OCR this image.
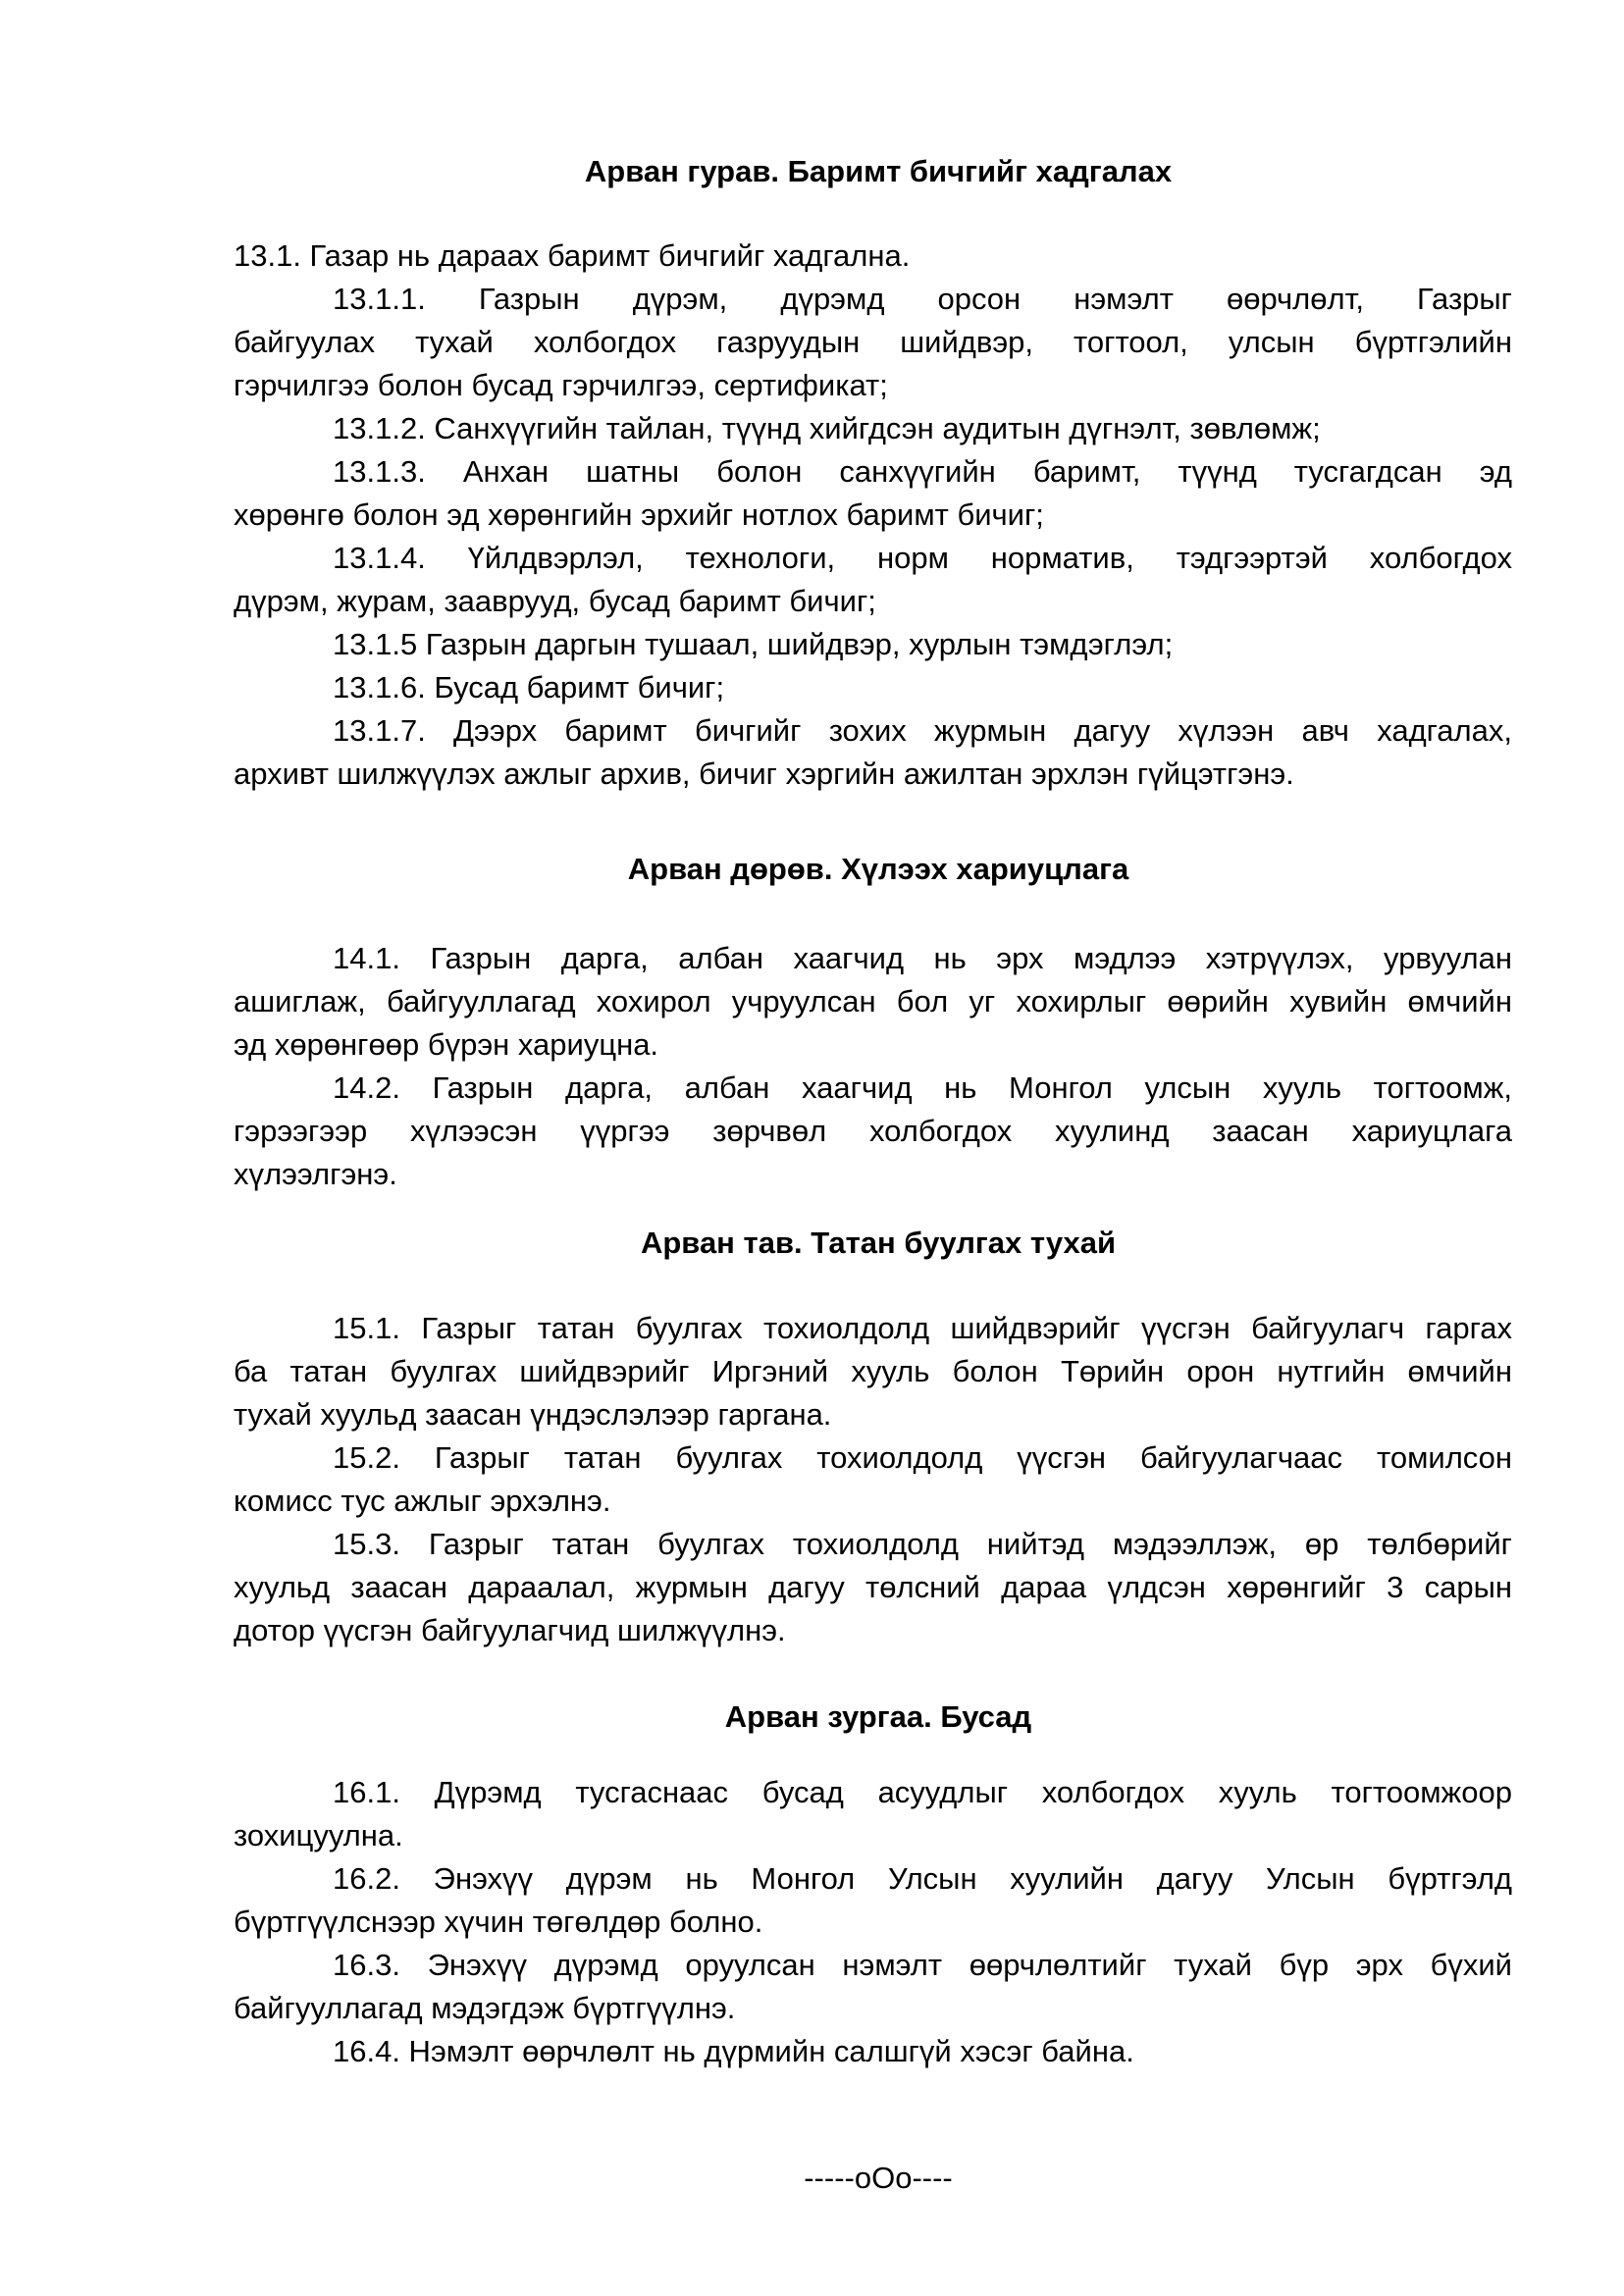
Арван гурав. Баримт бичгийг хадгалах
13.1. Газар нь дараах баримт бичгийг хадгална.
13.1.1. Газрын дүрэм, дүрэмд орсон нэмэлт өөрчлөлт, Газрыг
байгуулах тухай холбогдох газруудын шийдвэр, тогтоол, улсын бүртгэлийн
гэрчилгээ болон бусад гэрчилгээ, сертификат;
13.1.2. Санхүүгийн тайлан, түүнд хийгдсэн аудитын дүгнэлт, зөвлөмж;
13.1.3. Анхан шатны болон санхүүгийн баримт, түүнд тусгагдсан эд
хөрөнгө болон эд хөрөнгийн эрхийг нотлох баримт бичиг;
13.1.4. Үйлдвэрлэл, технологи, норм норматив, тэдгээртэй холбогдох
дүрэм, журам, зааврууд, бусад баримт бичиг;
13.1.5 Газрын даргын тушаал, шийдвэр, хурлын тэмдэглэл;
13.1.6. Бусад баримт бичиг;
13.1.7. Дээрх баримт бичгийг зохих журмын дагуу хүлээн авч хадгалах,
архивт шилжүүлэх ажлыг архив, бичиг хэргийн ажилтан эрхлэн гүйцэтгэнэ.
Арван дөрөв. Хүлээх хариуцлага
14.1. Газрын дарга, албан хаагчид нь эрх мэдлээ хэтрүүлэх, урвуулан
ашиглаж, байгууллагад хохирол учруулсан бол уг хохирлыг өөрийн хувийн өмчийн
эд хөрөнгөөр бүрэн хариуцна.
14.2. Газрын дарга, албан хаагчид нь Монгол улсын хууль тогтоомж,
гэрээгээр хүлээсэн үүргээ зөрчвөл холбогдох хуулинд заасан хариуцлага
хүлээлгэнэ.
Арван тав. Татан буулгах тухай
15.1. Газрыг татан буулгах тохиолдолд шийдвэрийг үүсгэн байгуулагч гаргах
ба татан буулгах шийдвэрийг Иргэний хууль болон Төрийн орон нутгийн өмчийн
тухай хуульд заасан үндэслэлээр гаргана.
15.2. Газрыг татан буулгах тохиолдолд үүсгэн байгуулагчаас томилсон
комисс тус ажлыг эрхэлнэ.
15.3. Газрыг татан буулгах тохиолдолд нийтэд мэдээллэж, өр төлбөрийг
хуульд заасан дараалал, журмын дагуу төлсний дараа үлдсэн хөрөнгийг 3 сарын
дотор үүсгэн байгуулагчид шилжүүлнэ.
Арван зургаа. Бусад
16.1. Дүрэмд тусгаснаас бусад асуудлыг холбогдох хууль тогтоомжоор
зохицуулна.
16.2. Энэхүү дүрэм нь Монгол Улсын хуулийн дагуу Улсын бүртгэлд
бүртгүүлснээр хүчин төгөлдөр болно.
16.3. Энэхүү дүрэмд оруулсан нэмэлт өөрчлөлтийг тухай бүр эрх бүхий
байгууллагад мэдэгдэж бүртгүүлнэ.
16.4. Нэмэлт өөрчлөлт нь дүрмийн салшгүй хэсэг байна.
-----оOо----
